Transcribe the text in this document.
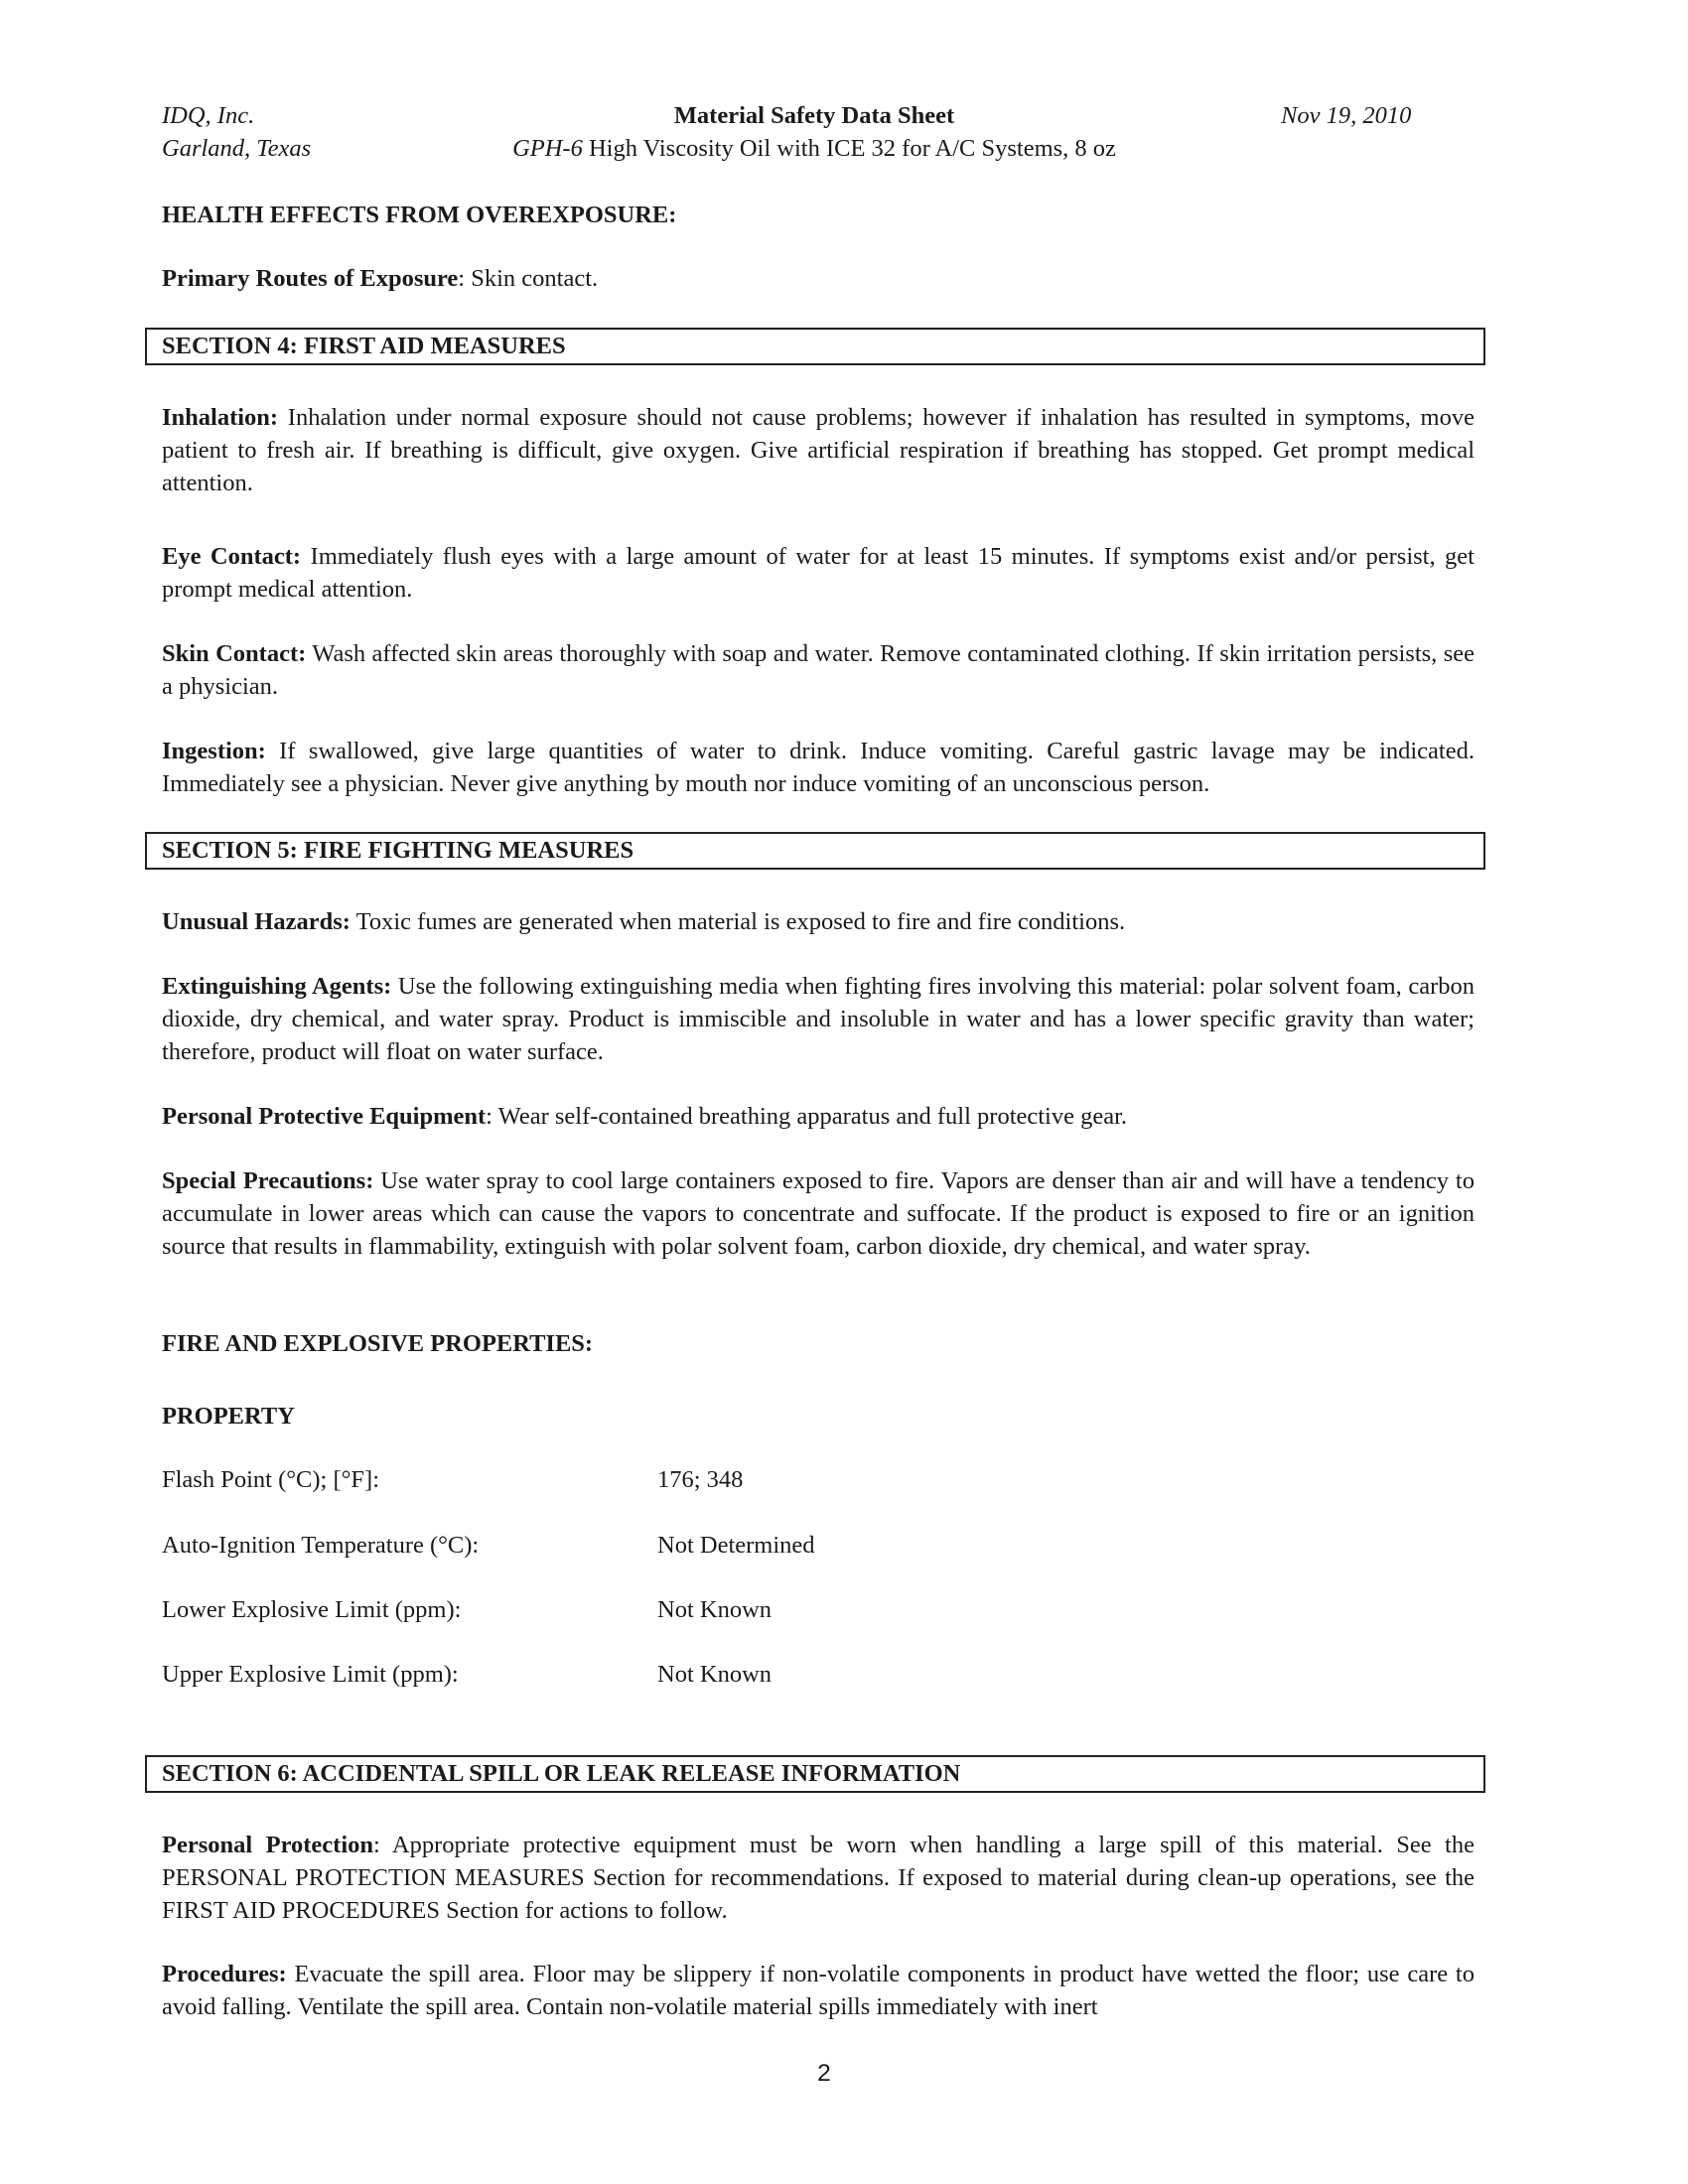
IDQ, Inc.
Garland, Texas
Material Safety Data Sheet
GPH-6 High Viscosity Oil with ICE 32 for A/C Systems, 8 oz
Nov 19, 2010
HEALTH EFFECTS FROM OVEREXPOSURE:
Primary Routes of Exposure: Skin contact.
SECTION 4: FIRST AID MEASURES
Inhalation: Inhalation under normal exposure should not cause problems; however if inhalation has resulted in symptoms, move patient to fresh air. If breathing is difficult, give oxygen. Give artificial respiration if breathing has stopped. Get prompt medical attention.
Eye Contact: Immediately flush eyes with a large amount of water for at least 15 minutes. If symptoms exist and/or persist, get prompt medical attention.
Skin Contact: Wash affected skin areas thoroughly with soap and water. Remove contaminated clothing. If skin irritation persists, see a physician.
Ingestion: If swallowed, give large quantities of water to drink. Induce vomiting. Careful gastric lavage may be indicated. Immediately see a physician. Never give anything by mouth nor induce vomiting of an unconscious person.
SECTION 5: FIRE FIGHTING MEASURES
Unusual Hazards: Toxic fumes are generated when material is exposed to fire and fire conditions.
Extinguishing Agents: Use the following extinguishing media when fighting fires involving this material: polar solvent foam, carbon dioxide, dry chemical, and water spray. Product is immiscible and insoluble in water and has a lower specific gravity than water; therefore, product will float on water surface.
Personal Protective Equipment: Wear self-contained breathing apparatus and full protective gear.
Special Precautions: Use water spray to cool large containers exposed to fire. Vapors are denser than air and will have a tendency to accumulate in lower areas which can cause the vapors to concentrate and suffocate. If the product is exposed to fire or an ignition source that results in flammability, extinguish with polar solvent foam, carbon dioxide, dry chemical, and water spray.
FIRE AND EXPLOSIVE PROPERTIES:
PROPERTY
Flash Point (°C); [°F]:	176; 348
Auto-Ignition Temperature (°C):	Not Determined
Lower Explosive Limit (ppm):	Not Known
Upper Explosive Limit (ppm):	Not Known
SECTION 6: ACCIDENTAL SPILL OR LEAK RELEASE INFORMATION
Personal Protection: Appropriate protective equipment must be worn when handling a large spill of this material. See the PERSONAL PROTECTION MEASURES Section for recommendations. If exposed to material during clean-up operations, see the FIRST AID PROCEDURES Section for actions to follow.
Procedures: Evacuate the spill area. Floor may be slippery if non-volatile components in product have wetted the floor; use care to avoid falling. Ventilate the spill area. Contain non-volatile material spills immediately with inert
2
